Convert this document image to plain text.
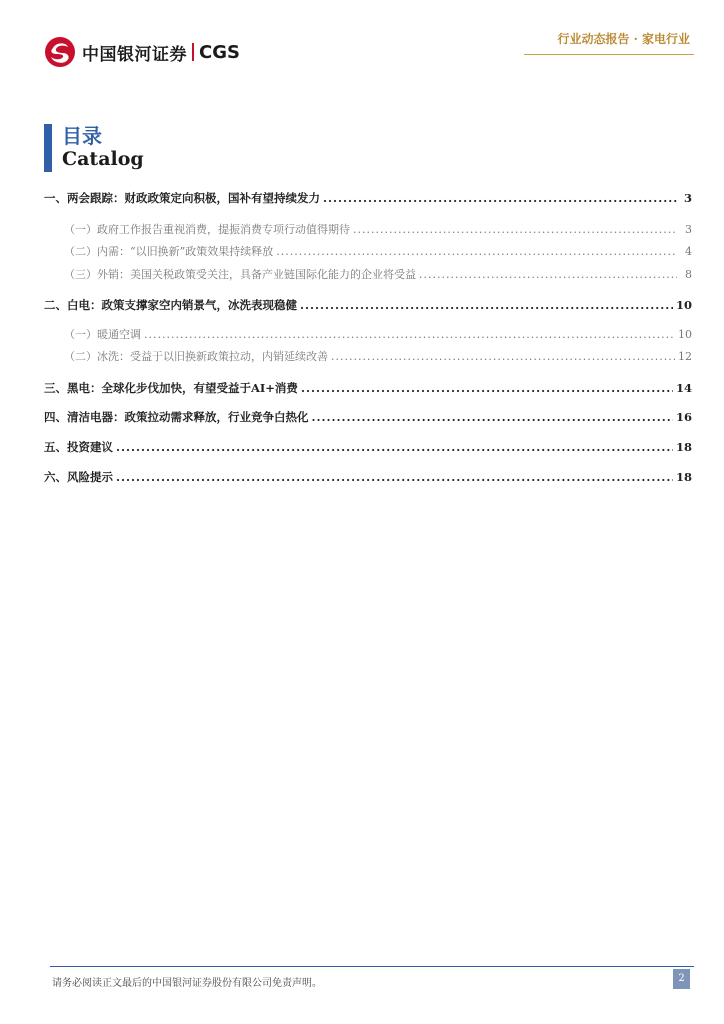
中国银河证券 CGS
行业动态报告 · 家电行业
目录
Catalog
一、 两会跟踪：财政政策定向积极，国补有望持续发力 .....	3
（一） 政府工作报告重视消费，提振消费专项行动值得期待 .....	3
（二） 内需：“以旧换新”政策效果持续释放 .....	4
（三） 外销：美国关税政策受关注，具备产业链国际化能力的企业将受益 .....	8
二、 白电：政策支撑家空内销景气，冰洗表现稳健 .....	10
（一） 暖通空调 .....	10
（二） 冰洗：受益于以旧换新政策拉动，内销延续改善 .....	12
三、 黑电：全球化步伐加快，有望受益于AI+消费 .....	14
四、 清洁电器：政策拉动需求释放，行业竞争白热化 .....	16
五、 投资建议 .....	18
六、 风险提示 .....	18
请务必阅读正文最后的中国银河证券股份有限公司免责声明。	2
